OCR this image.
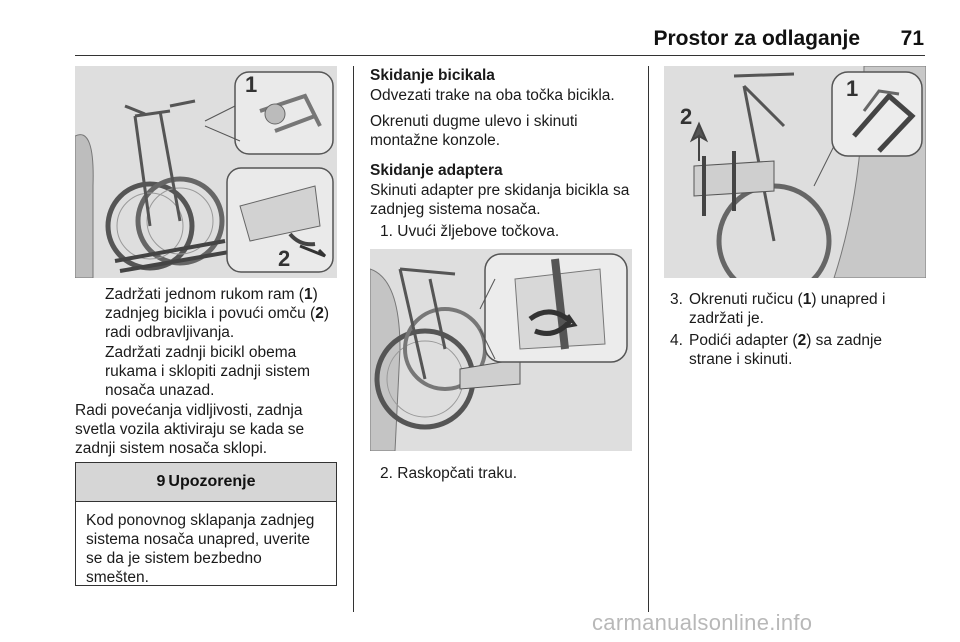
Prostor za odlaganje	71
1
2
Zadržati jednom rukom ram (1) zadnjeg bicikla i povući omču (2) radi odbravljivanja.
Zadržati zadnji bicikl obema rukama i sklopiti zadnji sistem nosača unazad.
Radi povećanja vidljivosti, zadnja svetla vozila aktiviraju se kada se zadnji sistem nosača sklopi.
9 Upozorenje
Kod ponovnog sklapanja zadnjeg sistema nosača unapred, uverite se da je sistem bezbedno smešten.
Skidanje bicikala
Odvezati trake na oba točka bicikla.
Okrenuti dugme ulevo i skinuti montažne konzole.
Skidanje adaptera
Skinuti adapter pre skidanja bicikla sa zadnjeg sistema nosača.
1. Uvući žljebove točkova.
2. Raskopčati traku.
2
1
3. Okrenuti ručicu (1) unapred i zadržati je.
4. Podići adapter (2) sa zadnje strane i skinuti.
carmanualsonline.info
